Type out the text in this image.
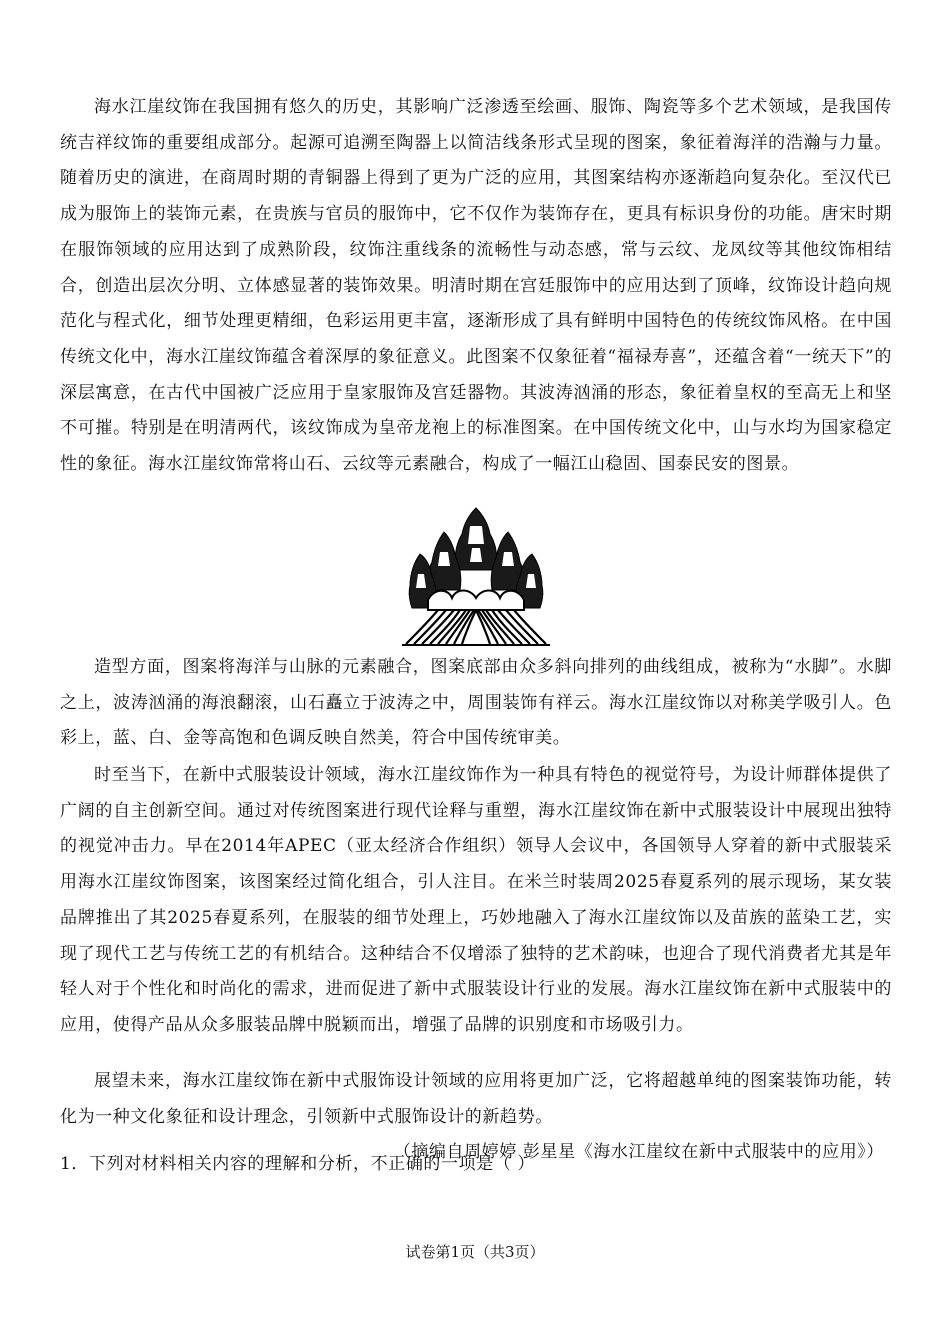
海水江崖纹饰在我国拥有悠久的历史，其影响广泛渗透至绘画、服饰、陶瓷等多个艺术领域，是我国传统吉祥纹饰的重要组成部分。起源可追溯至陶器上以简洁线条形式呈现的图案，象征着海洋的浩瀚与力量。随着历史的演进，在商周时期的青铜器上得到了更为广泛的应用，其图案结构亦逐渐趋向复杂化。至汉代已成为服饰上的装饰元素，在贵族与官员的服饰中，它不仅作为装饰存在，更具有标识身份的功能。唐宋时期在服饰领域的应用达到了成熟阶段，纹饰注重线条的流畅性与动态感，常与云纹、龙凤纹等其他纹饰相结合，创造出层次分明、立体感显著的装饰效果。明清时期在宫廷服饰中的应用达到了顶峰，纹饰设计趋向规范化与程式化，细节处理更精细，色彩运用更丰富，逐渐形成了具有鲜明中国特色的传统纹饰风格。在中国传统文化中，海水江崖纹饰蕴含着深厚的象征意义。此图案不仅象征着“福禄寿喜”，还蕴含着“一统天下”的深层寓意，在古代中国被广泛应用于皇家服饰及宫廷器物。其波涛汹涌的形态，象征着皇权的至高无上和坚不可摧。特别是在明清两代，该纹饰成为皇帝龙袍上的标准图案。在中国传统文化中，山与水均为国家稳定性的象征。海水江崖纹饰常将山石、云纹等元素融合，构成了一幅江山稳固、国泰民安的图景。

造型方面，图案将海洋与山脉的元素融合，图案底部由众多斜向排列的曲线组成，被称为“水脚”。水脚之上，波涛汹涌的海浪翻滚，山石矗立于波涛之中，周围装饰有祥云。海水江崖纹饰以对称美学吸引人。色彩上，蓝、白、金等高饱和色调反映自然美，符合中国传统审美。

时至当下，在新中式服装设计领域，海水江崖纹饰作为一种具有特色的视觉符号，为设计师群体提供了广阔的自主创新空间。通过对传统图案进行现代诠释与重塑，海水江崖纹饰在新中式服装设计中展现出独特的视觉冲击力。早在2014年APEC（亚太经济合作组织）领导人会议中，各国领导人穿着的新中式服装采用海水江崖纹饰图案，该图案经过简化组合，引人注目。在米兰时装周2025春夏系列的展示现场，某女装品牌推出了其2025春夏系列，在服装的细节处理上，巧妙地融入了海水江崖纹饰以及苗族的蓝染工艺，实现了现代工艺与传统工艺的有机结合。这种结合不仅增添了独特的艺术韵味，也迎合了现代消费者尤其是年轻人对于个性化和时尚化的需求，进而促进了新中式服装设计行业的发展。海水江崖纹饰在新中式服装中的应用，使得产品从众多服装品牌中脱颖而出，增强了品牌的识别度和市场吸引力。

展望未来，海水江崖纹饰在新中式服饰设计领域的应用将更加广泛，它将超越单纯的图案装饰功能，转化为一种文化象征和设计理念，引领新中式服饰设计的新趋势。

（摘编自周婷婷 彭星星《海水江崖纹在新中式服装中的应用》）
1．下列对材料相关内容的理解和分析，不正确的一项是（ ）
试卷第1页（共3页）
